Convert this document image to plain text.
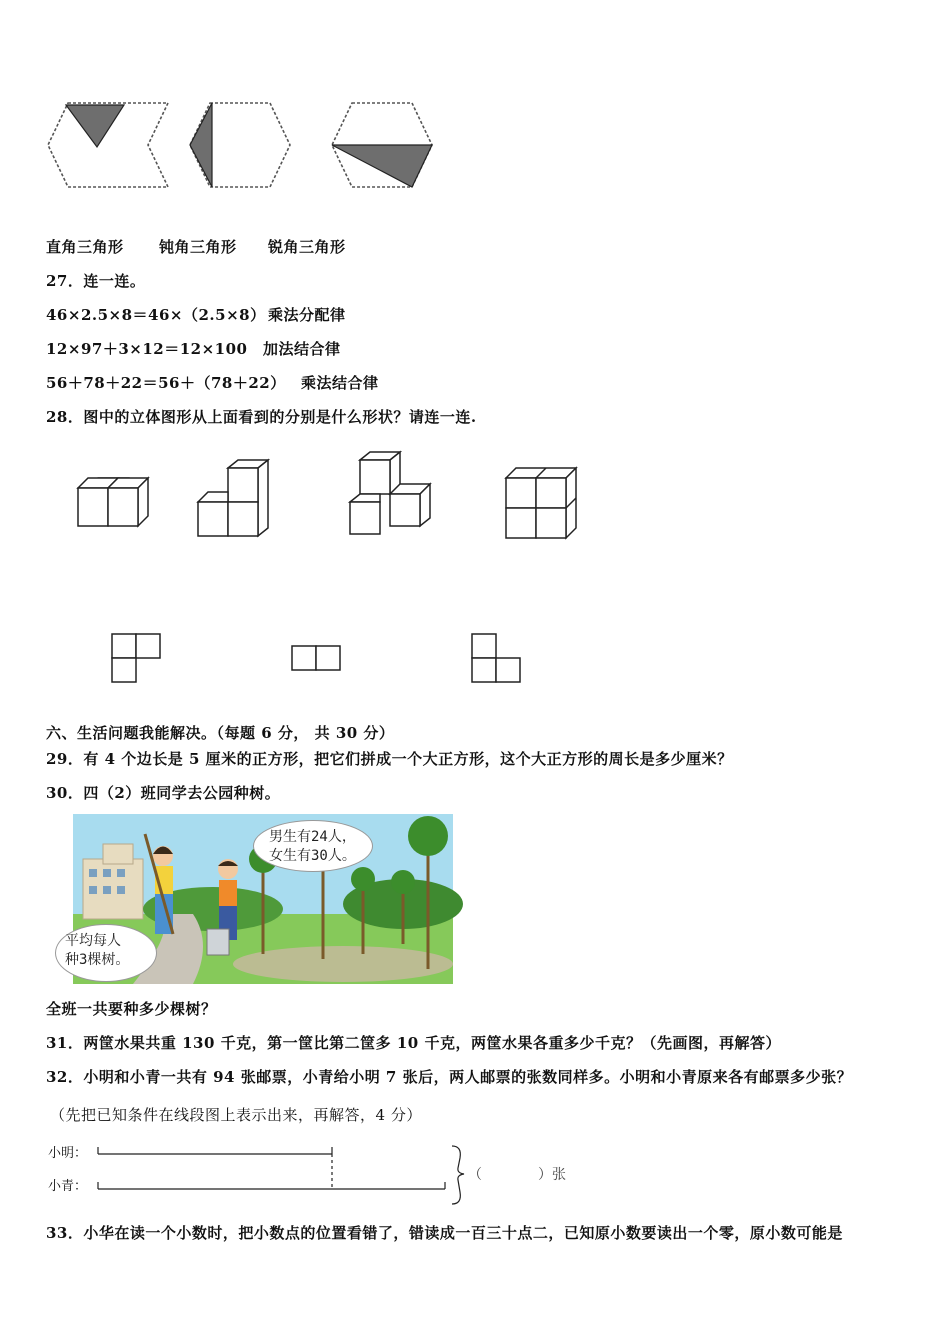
直角三角形 钝角三角形 锐角三角形
27．连一连。
46×2.5×8＝46×（2.5×8） 乘法分配律
12×97＋3×12＝12×100 加法结合律
56＋78＋22＝56＋（78＋22） 乘法结合律
28．图中的立体图形从上面看到的分别是什么形状？请连一连.
六、生活问题我能解决。（每题 6 分， 共 30 分）
29．有 4 个边长是 5 厘米的正方形，把它们拼成一个大正方形，这个大正方形的周长是多少厘米？
30．四（2）班同学去公园种树。
男生有24人，
女生有30人。
平均每人
种3棵树。
全班一共要种多少棵树？
31．两筐水果共重 130 千克，第一筐比第二筐多 10 千克，两筐水果各重多少千克？（先画图，再解答）
32．小明和小青一共有 94 张邮票，小青给小明 7 张后，两人邮票的张数同样多。小明和小青原来各有邮票多少张？
（先把已知条件在线段图上表示出来，再解答，4 分）
小明：
小青：
（	）张
33．小华在读一个小数时，把小数点的位置看错了，错读成一百三十点二，已知原小数要读出一个零，原小数可能是
